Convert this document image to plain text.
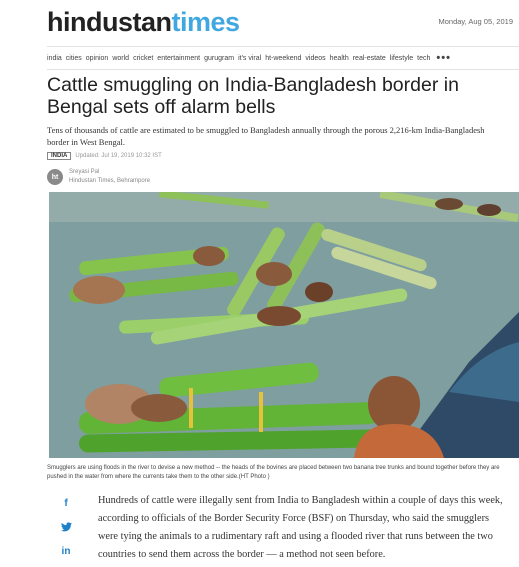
hindustantimes	Monday, Aug 05, 2019
india cities opinion world cricket entertainment gurugram it's viral ht-weekend videos health real-estate lifestyle tech •••
Cattle smuggling on India-Bangladesh border in Bengal sets off alarm bells

Tens of thousands of cattle are estimated to be smuggled to Bangladesh annually through the porous 2,216-km India-Bangladesh border in West Bengal.

INDIA	Updated: Jul 19, 2019 10:32 IST
ht
Sreyasi Pal
Hindustan Times, Behrampore

Smugglers are using floods in the river to devise a new method -- the heads of the bovines are placed between two banana tree trunks and bound together before they are pushed in the water from where the currents take them to the other side.(HT Photo )

f
in

Hundreds of cattle were illegally sent from India to Bangladesh within a couple of days this week, according to officials of the Border Security Force (BSF) on Thursday, who said the smugglers were tying the animals to a rudimentary raft and using a flooded river that runs between the two countries to send them across the border — a method not seen before.
